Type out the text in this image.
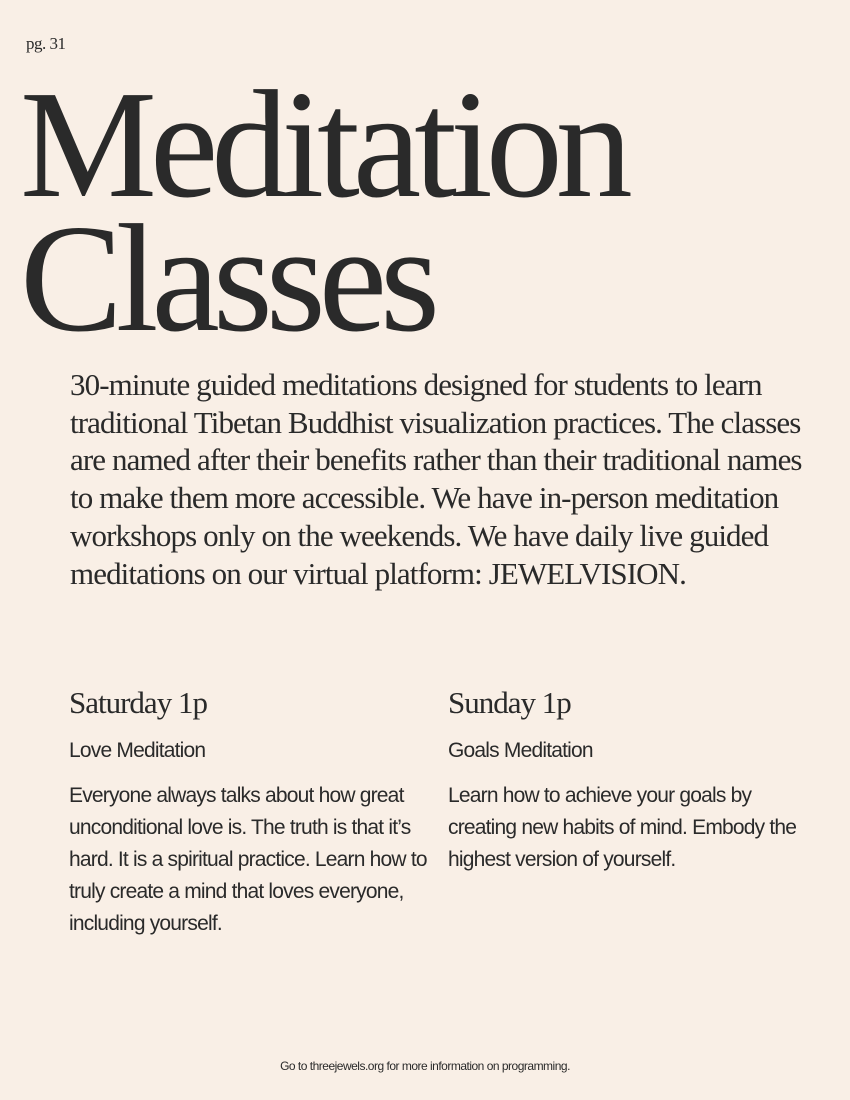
pg. 31
Meditation
Classes

30-minute guided meditations designed for students to learn traditional Tibetan Buddhist visualization practices. The classes are named after their benefits rather than their traditional names to make them more accessible. We have in-person meditation workshops only on the weekends. We have daily live guided meditations on our virtual platform: JEWELVISION.

Saturday 1p
Love Meditation

Everyone always talks about how great unconditional love is. The truth is that it’s hard. It is a spiritual practice. Learn how to truly create a mind that loves everyone, including yourself.

Sunday 1p
Goals Meditation

Learn how to achieve your goals by creating new habits of mind. Embody the highest version of yourself.

Go to threejewels.org for more information on programming.
